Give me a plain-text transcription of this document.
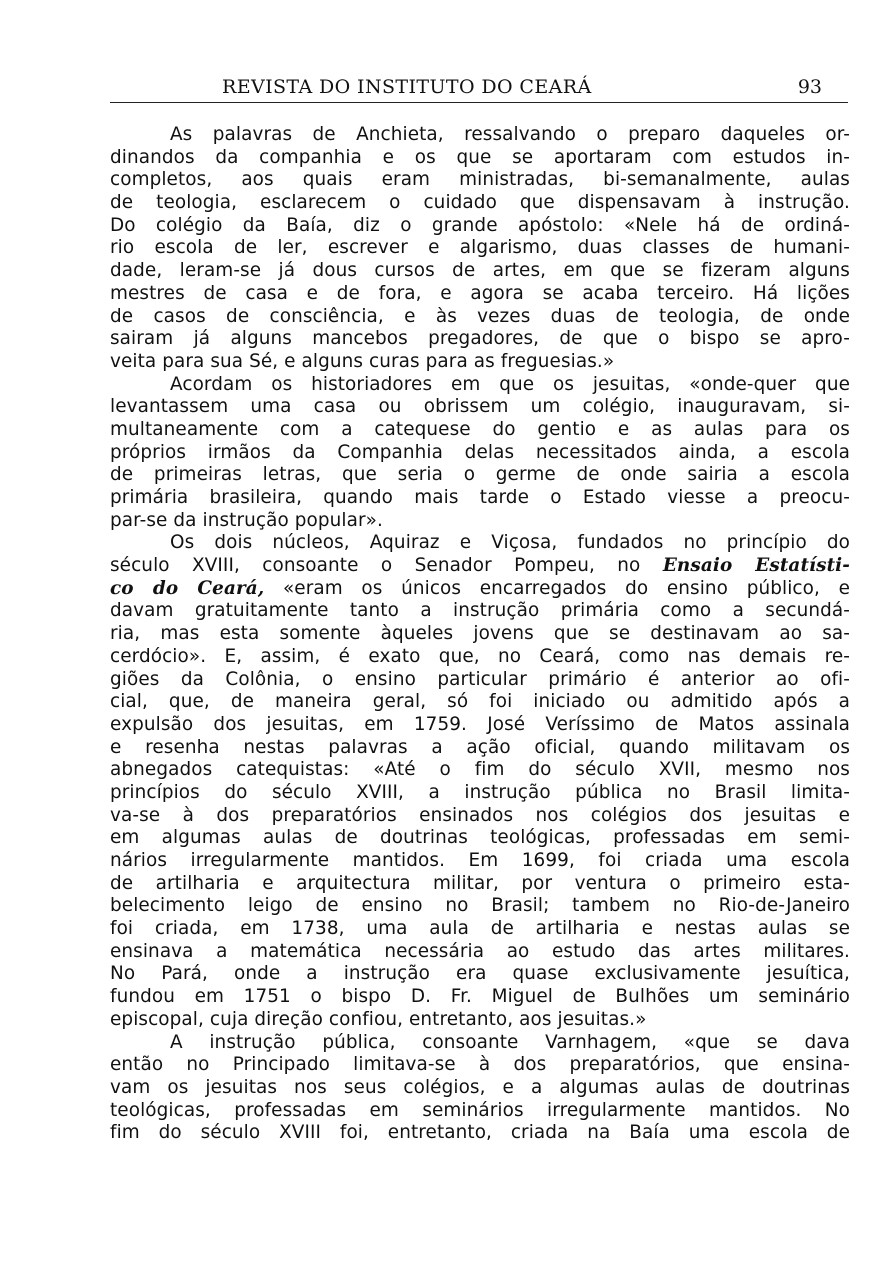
REVISTA DO INSTITUTO DO CEARÁ	93
As palavras de Anchieta, ressalvando o preparo daqueles or-
dinandos da companhia e os que se aportaram com estudos in-
completos, aos quais eram ministradas, bi-semanalmente, aulas
de teologia, esclarecem o cuidado que dispensavam à instrução.
Do colégio da Baía, diz o grande apóstolo: «Nele há de ordiná-
rio escola de ler, escrever e algarismo, duas classes de humani-
dade, leram-se já dous cursos de artes, em que se fizeram alguns
mestres de casa e de fora, e agora se acaba terceiro. Há lições
de casos de consciência, e às vezes duas de teologia, de onde
sairam já alguns mancebos pregadores, de que o bispo se apro-
veita para sua Sé, e alguns curas para as freguesias.»
Acordam os historiadores em que os jesuitas, «onde-quer que
levantassem uma casa ou obrissem um colégio, inauguravam, si-
multaneamente com a catequese do gentio e as aulas para os
próprios irmãos da Companhia delas necessitados ainda, a escola
de primeiras letras, que seria o germe de onde sairia a escola
primária brasileira, quando mais tarde o Estado viesse a preocu-
par-se da instrução popular».
Os dois núcleos, Aquiraz e Viçosa, fundados no princípio do
século XVIII, consoante o Senador Pompeu, no Ensaio Estatísti-
co do Ceará, «eram os únicos encarregados do ensino público, e
davam gratuitamente tanto a instrução primária como a secundá-
ria, mas esta somente àqueles jovens que se destinavam ao sa-
cerdócio». E, assim, é exato que, no Ceará, como nas demais re-
giões da Colônia, o ensino particular primário é anterior ao ofi-
cial, que, de maneira geral, só foi iniciado ou admitido após a
expulsão dos jesuitas, em 1759. José Veríssimo de Matos assinala
e resenha nestas palavras a ação oficial, quando militavam os
abnegados catequistas: «Até o fim do século XVII, mesmo nos
princípios do século XVIII, a instrução pública no Brasil limita-
va-se à dos preparatórios ensinados nos colégios dos jesuitas e
em algumas aulas de doutrinas teológicas, professadas em semi-
nários irregularmente mantidos. Em 1699, foi criada uma escola
de artilharia e arquitectura militar, por ventura o primeiro esta-
belecimento leigo de ensino no Brasil; tambem no Rio-de-Janeiro
foi criada, em 1738, uma aula de artilharia e nestas aulas se
ensinava a matemática necessária ao estudo das artes militares.
No Pará, onde a instrução era quase exclusivamente jesuítica,
fundou em 1751 o bispo D. Fr. Miguel de Bulhões um seminário
episcopal, cuja direção confiou, entretanto, aos jesuitas.»
A instrução pública, consoante Varnhagem, «que se dava
então no Principado limitava-se à dos preparatórios, que ensina-
vam os jesuitas nos seus colégios, e a algumas aulas de doutrinas
teológicas, professadas em seminários irregularmente mantidos. No
fim do século XVIII foi, entretanto, criada na Baía uma escola de
